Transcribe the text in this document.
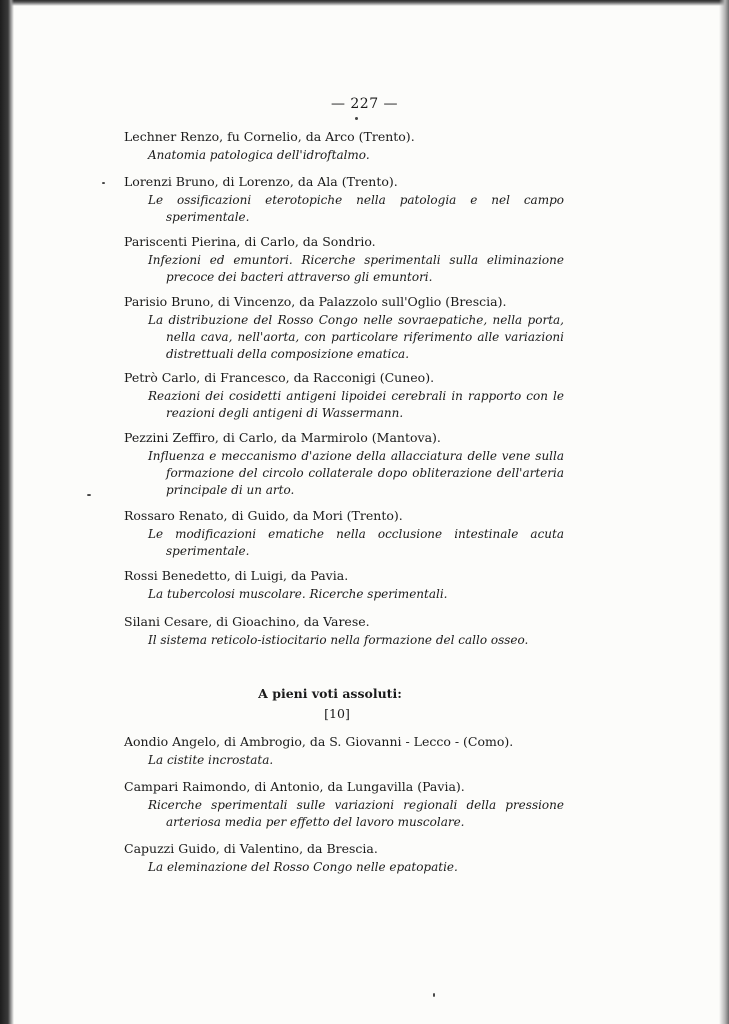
— 227 —
Lechner Renzo, fu Cornelio, da Arco (Trento).
Anatomia patologica dell'idroftalmo.
Lorenzi Bruno, di Lorenzo, da Ala (Trento).
Le ossificazioni eterotopiche nella patologia e nel campo sperimentale.
Pariscenti Pierina, di Carlo, da Sondrio.
Infezioni ed emuntori. Ricerche sperimentali sulla eliminazione precoce dei bacteri attraverso gli emuntori.
Parisio Bruno, di Vincenzo, da Palazzolo sull'Oglio (Brescia).
La distribuzione del Rosso Congo nelle sovraepatiche, nella porta, nella cava, nell'aorta, con particolare riferimento alle variazioni distrettuali della composizione ematica.
Petrò Carlo, di Francesco, da Racconigi (Cuneo).
Reazioni dei cosidetti antigeni lipoidei cerebrali in rapporto con le reazioni degli antigeni di Wassermann.
Pezzini Zeffiro, di Carlo, da Marmirolo (Mantova).
Influenza e meccanismo d'azione della allacciatura delle vene sulla formazione del circolo collaterale dopo obliterazione dell'arteria principale di un arto.
Rossaro Renato, di Guido, da Mori (Trento).
Le modificazioni ematiche nella occlusione intestinale acuta sperimentale.
Rossi Benedetto, di Luigi, da Pavia.
La tubercolosi muscolare. Ricerche sperimentali.
Silani Cesare, di Gioachino, da Varese.
Il sistema reticolo-istiocitario nella formazione del callo osseo.
A pieni voti assoluti:
[10]
Aondio Angelo, di Ambrogio, da S. Giovanni - Lecco - (Como).
La cistite incrostata.
Campari Raimondo, di Antonio, da Lungavilla (Pavia).
Ricerche sperimentali sulle variazioni regionali della pressione arteriosa media per effetto del lavoro muscolare.
Capuzzi Guido, di Valentino, da Brescia.
La eleminazione del Rosso Congo nelle epatopatie.
